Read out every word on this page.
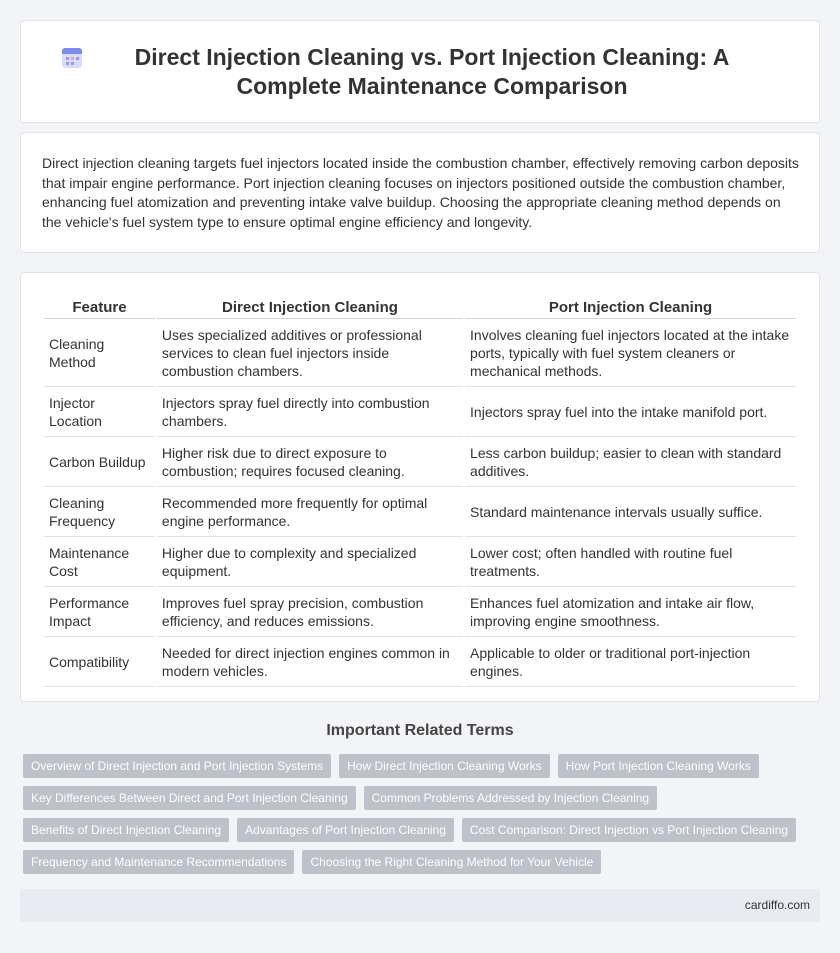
Direct Injection Cleaning vs. Port Injection Cleaning: A Complete Maintenance Comparison

Direct injection cleaning targets fuel injectors located inside the combustion chamber, effectively removing carbon deposits that impair engine performance. Port injection cleaning focuses on injectors positioned outside the combustion chamber, enhancing fuel atomization and preventing intake valve buildup. Choosing the appropriate cleaning method depends on the vehicle's fuel system type to ensure optimal engine efficiency and longevity.

Feature	Direct Injection Cleaning	Port Injection Cleaning
Cleaning Method	Uses specialized additives or professional services to clean fuel injectors inside combustion chambers.	Involves cleaning fuel injectors located at the intake ports, typically with fuel system cleaners or mechanical methods.
Injector Location	Injectors spray fuel directly into combustion chambers.	Injectors spray fuel into the intake manifold port.
Carbon Buildup	Higher risk due to direct exposure to combustion; requires focused cleaning.	Less carbon buildup; easier to clean with standard additives.
Cleaning Frequency	Recommended more frequently for optimal engine performance.	Standard maintenance intervals usually suffice.
Maintenance Cost	Higher due to complexity and specialized equipment.	Lower cost; often handled with routine fuel treatments.
Performance Impact	Improves fuel spray precision, combustion efficiency, and reduces emissions.	Enhances fuel atomization and intake air flow, improving engine smoothness.
Compatibility	Needed for direct injection engines common in modern vehicles.	Applicable to older or traditional port-injection engines.
Important Related Terms
Overview of Direct Injection and Port Injection Systems	How Direct Injection Cleaning Works	How Port Injection Cleaning Works
Key Differences Between Direct and Port Injection Cleaning	Common Problems Addressed by Injection Cleaning
Benefits of Direct Injection Cleaning	Advantages of Port Injection Cleaning	Cost Comparison: Direct Injection vs Port Injection Cleaning
Frequency and Maintenance Recommendations	Choosing the Right Cleaning Method for Your Vehicle
cardiffo.com
